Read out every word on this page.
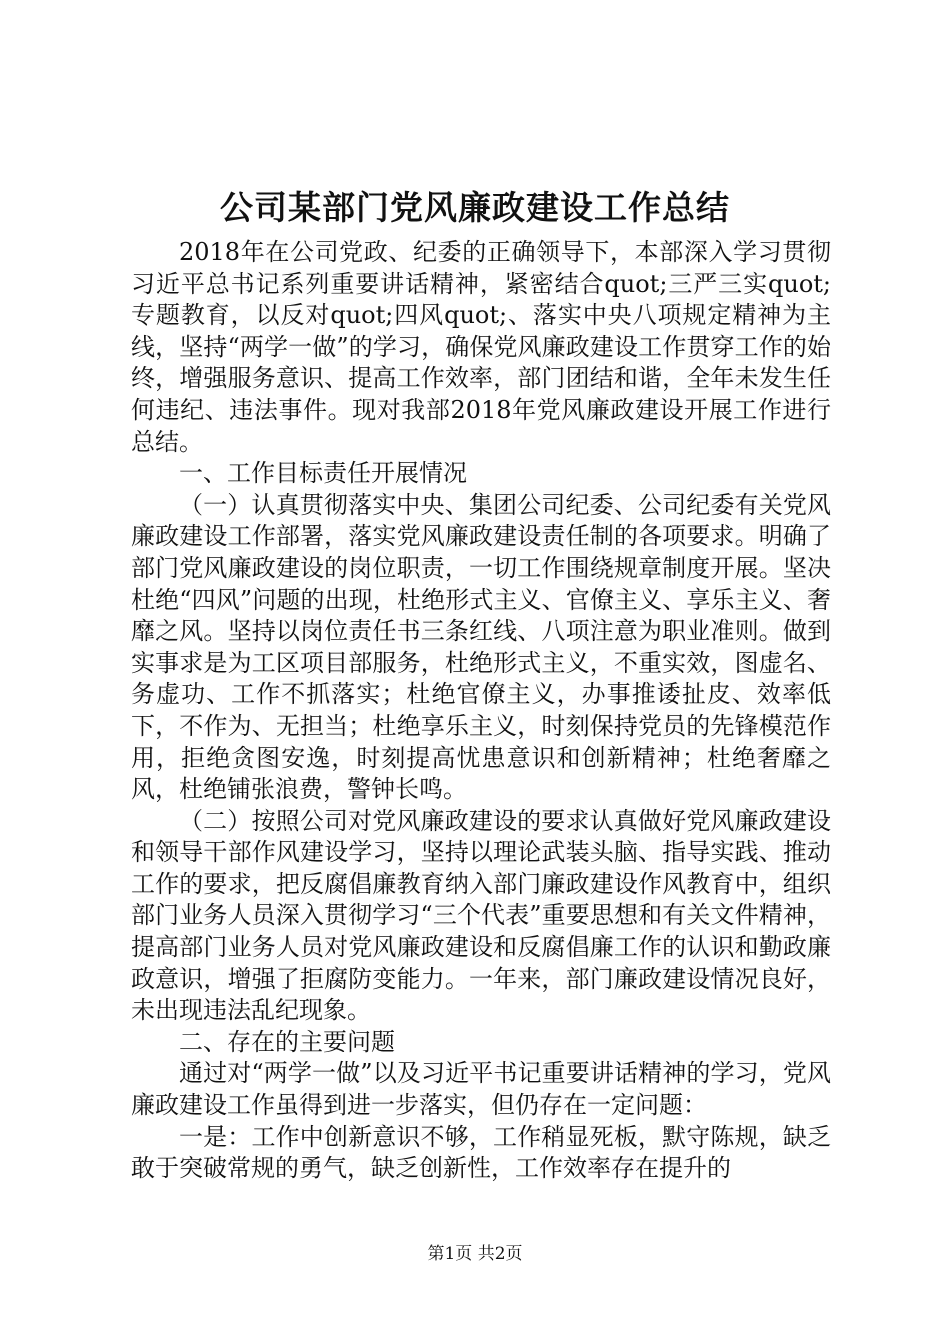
公司某部门党风廉政建设工作总结

2018年在公司党政、纪委的正确领导下，本部深入学习贯彻习近平总书记系列重要讲话精神，紧密结合quot;三严三实quot;专题教育，以反对quot;四风quot;、落实中央八项规定精神为主线，坚持“两学一做”的学习，确保党风廉政建设工作贯穿工作的始终，增强服务意识、提高工作效率，部门团结和谐，全年未发生任何违纪、违法事件。现对我部2018年党风廉政建设开展工作进行总结。

一、工作目标责任开展情况

（一）认真贯彻落实中央、集团公司纪委、公司纪委有关党风廉政建设工作部署，落实党风廉政建设责任制的各项要求。明确了部门党风廉政建设的岗位职责，一切工作围绕规章制度开展。坚决杜绝“四风”问题的出现，杜绝形式主义、官僚主义、享乐主义、奢靡之风。坚持以岗位责任书三条红线、八项注意为职业准则。做到实事求是为工区项目部服务，杜绝形式主义，不重实效，图虚名、务虚功、工作不抓落实；杜绝官僚主义，办事推诿扯皮、效率低下，不作为、无担当；杜绝享乐主义，时刻保持党员的先锋模范作用，拒绝贪图安逸，时刻提高忧患意识和创新精神；杜绝奢靡之风，杜绝铺张浪费，警钟长鸣。

（二）按照公司对党风廉政建设的要求认真做好党风廉政建设和领导干部作风建设学习，坚持以理论武装头脑、指导实践、推动工作的要求，把反腐倡廉教育纳入部门廉政建设作风教育中，组织部门业务人员深入贯彻学习“三个代表”重要思想和有关文件精神，提高部门业务人员对党风廉政建设和反腐倡廉工作的认识和勤政廉政意识，增强了拒腐防变能力。一年来，部门廉政建设情况良好，未出现违法乱纪现象。

二、存在的主要问题

通过对“两学一做”以及习近平书记重要讲话精神的学习，党风廉政建设工作虽得到进一步落实，但仍存在一定问题：

一是：工作中创新意识不够，工作稍显死板，默守陈规，缺乏敢于突破常规的勇气，缺乏创新性，工作效率存在提升的

第1页 共2页
